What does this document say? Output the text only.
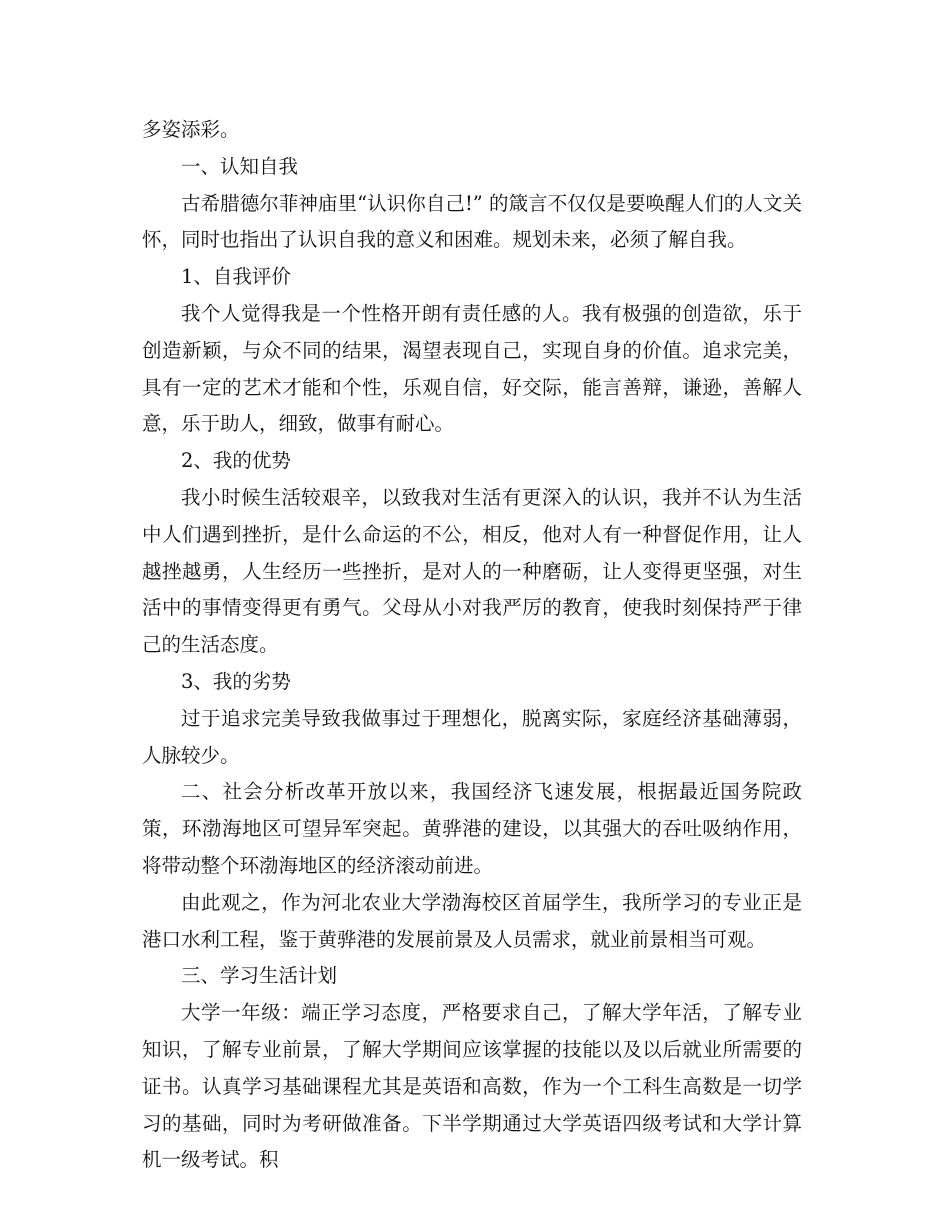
多姿添彩。

一、认知自我

古希腊德尔菲神庙里“认识你自己!” 的箴言不仅仅是要唤醒人们的人文关怀，同时也指出了认识自我的意义和困难。规划未来，必须了解自我。

1、自我评价

我个人觉得我是一个性格开朗有责任感的人。我有极强的创造欲，乐于创造新颖，与众不同的结果，渴望表现自己，实现自身的价值。追求完美，具有一定的艺术才能和个性，乐观自信，好交际，能言善辩，谦逊，善解人意，乐于助人，细致，做事有耐心。

2、我的优势

我小时候生活较艰辛，以致我对生活有更深入的认识，我并不认为生活中人们遇到挫折，是什么命运的不公，相反，他对人有一种督促作用，让人越挫越勇，人生经历一些挫折，是对人的一种磨砺，让人变得更坚强，对生活中的事情变得更有勇气。父母从小对我严厉的教育，使我时刻保持严于律己的生活态度。

3、我的劣势

过于追求完美导致我做事过于理想化，脱离实际，家庭经济基础薄弱，人脉较少。

二、社会分析改革开放以来，我国经济飞速发展，根据最近国务院政策，环渤海地区可望异军突起。黄骅港的建设，以其强大的吞吐吸纳作用，将带动整个环渤海地区的经济滚动前进。

由此观之，作为河北农业大学渤海校区首届学生，我所学习的专业正是港口水利工程，鉴于黄骅港的发展前景及人员需求，就业前景相当可观。

三、学习生活计划

大学一年级：端正学习态度，严格要求自己，了解大学年活，了解专业知识，了解专业前景，了解大学期间应该掌握的技能以及以后就业所需要的证书。认真学习基础课程尤其是英语和高数，作为一个工科生高数是一切学习的基础，同时为考研做准备。下半学期通过大学英语四级考试和大学计算机一级考试。积
